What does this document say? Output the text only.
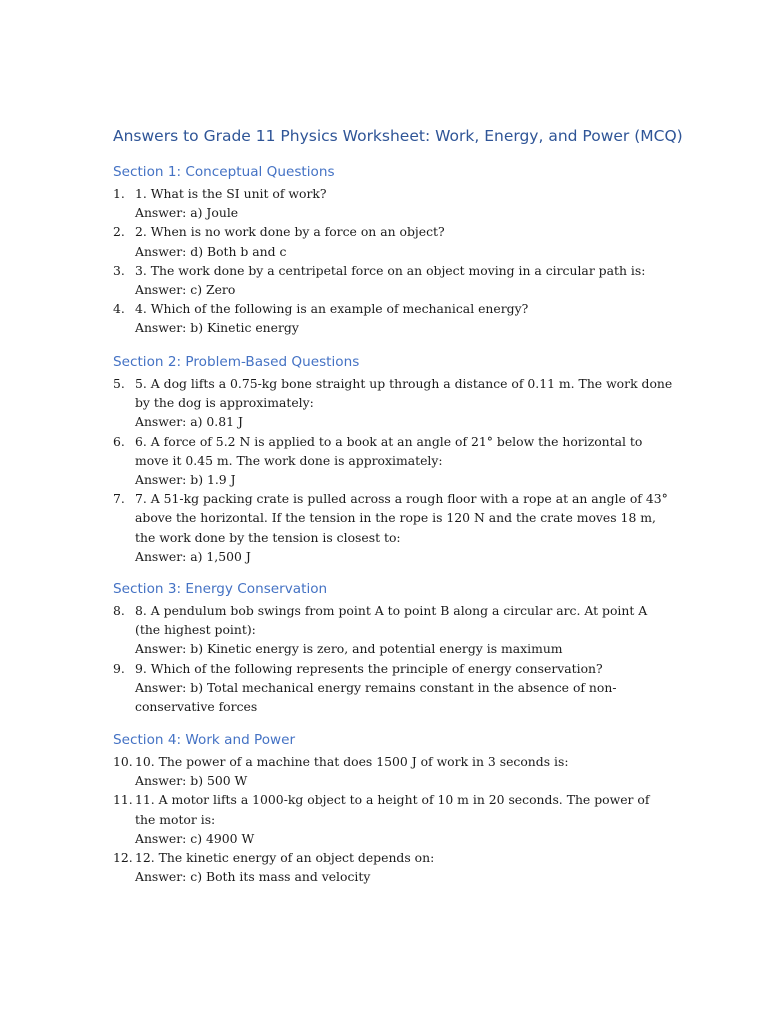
Answers to Grade 11 Physics Worksheet: Work, Energy, and Power (MCQ)
Section 1: Conceptual Questions
1. 1. What is the SI unit of work?
Answer: a) Joule
2. 2. When is no work done by a force on an object?
Answer: d) Both b and c
3. 3. The work done by a centripetal force on an object moving in a circular path is:
Answer: c) Zero
4. 4. Which of the following is an example of mechanical energy?
Answer: b) Kinetic energy
Section 2: Problem-Based Questions
5. 5. A dog lifts a 0.75-kg bone straight up through a distance of 0.11 m. The work done by the dog is approximately:
Answer: a) 0.81 J
6. 6. A force of 5.2 N is applied to a book at an angle of 21° below the horizontal to move it 0.45 m. The work done is approximately:
Answer: b) 1.9 J
7. 7. A 51-kg packing crate is pulled across a rough floor with a rope at an angle of 43° above the horizontal. If the tension in the rope is 120 N and the crate moves 18 m, the work done by the tension is closest to:
Answer: a) 1,500 J
Section 3: Energy Conservation
8. 8. A pendulum bob swings from point A to point B along a circular arc. At point A (the highest point):
Answer: b) Kinetic energy is zero, and potential energy is maximum
9. 9. Which of the following represents the principle of energy conservation?
Answer: b) Total mechanical energy remains constant in the absence of non-conservative forces
Section 4: Work and Power
10. 10. The power of a machine that does 1500 J of work in 3 seconds is:
Answer: b) 500 W
11. 11. A motor lifts a 1000-kg object to a height of 10 m in 20 seconds. The power of the motor is:
Answer: c) 4900 W
12. 12. The kinetic energy of an object depends on:
Answer: c) Both its mass and velocity
